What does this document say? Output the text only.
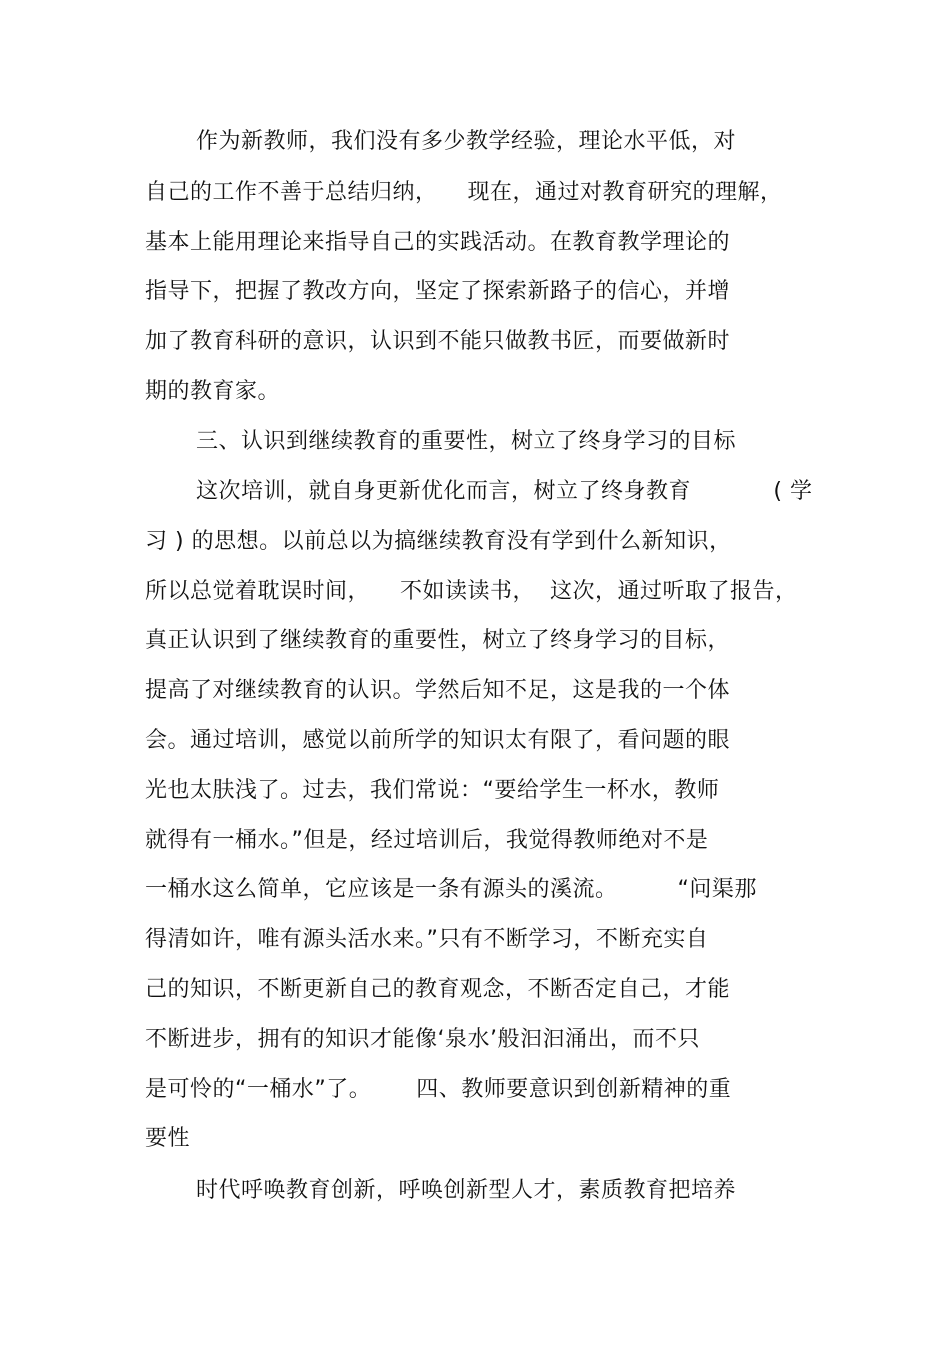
作为新教师，我们没有多少教学经验，理论水平低，对
自己的工作不善于总结归纳，    现在，通过对教育研究的理解，
基本上能用理论来指导自己的实践活动。在教育教学理论的
指导下，把握了教改方向，坚定了探索新路子的信心，并增
加了教育科研的意识，认识到不能只做教书匠，而要做新时
期的教育家。
三、认识到继续教育的重要性，树立了终身学习的目标
这次培训，就自身更新优化而言，树立了终身教育           ( 学
习 ) 的思想。以前总以为搞继续教育没有学到什么新知识，
所以总觉着耽误时间，    不如读读书，  这次，通过听取了报告，
真正认识到了继续教育的重要性，树立了终身学习的目标，
提高了对继续教育的认识。学然后知不足，这是我的一个体
会。通过培训，感觉以前所学的知识太有限了，看问题的眼
光也太肤浅了。过去，我们常说：“要给学生一杯水，教师
就得有一桶水。”但是，经过培训后，我觉得教师绝对不是
一桶水这么简单，它应该是一条有源头的溪流。        “问渠那
得清如许，唯有源头活水来。”只有不断学习，不断充实自
己的知识，不断更新自己的教育观念，不断否定自己，才能
不断进步，拥有的知识才能像‘泉水’般汩汩涌出，而不只
是可怜的“一桶水”了。      四、教师要意识到创新精神的重
要性
时代呼唤教育创新，呼唤创新型人才，素质教育把培养
